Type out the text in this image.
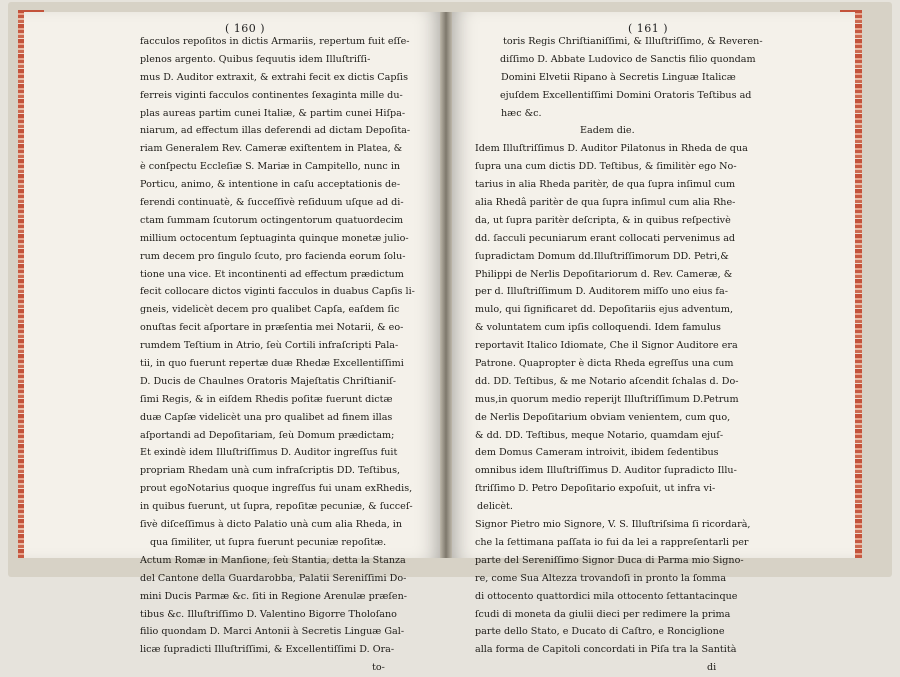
( 160 )	( 161 )
facculos repoſitos in dictis Armariis, repertum fuit eſſe-
plenos argento. Quibus ſequutis idem Illuſtriſſi-
mus D. Auditor extraxit, & extrahi fecit ex dictis Capſis
ferreis viginti facculos continentes ſexaginta mille du-
plas aureas partim cunei Italiæ, & partim cunei Hiſpa-
niarum, ad effectum illas deferendi ad dictam Depoſita-
riam Generalem Rev. Cameræ exiſtentem in Platea, &
è conſpectu Eccleſiæ S. Mariæ in Campitello, nunc in
Porticu, animo, & intentione in caſu acceptationis de-
ferendi continuatè, & ſucceſſivè reſiduum uſque ad di-
ctam ſummam ſcutorum octingentorum quatuordecim
millium octocentum ſeptuaginta quinque monetæ julio-
rum decem pro ſingulo ſcuto, pro facienda eorum ſolu-
tione una vice. Et incontinenti ad effectum prædictum
fecit collocare dictos viginti facculos in duabus Capſis li-
gneis, videlicèt decem pro qualibet Capſa, eaſdem ſic
onuſtas fecit aſportare in præſentia mei Notarii, & eo-
rumdem Teſtium in Atrio, ſeù Cortili infraſcripti Pala-
tii, in quo fuerunt repertæ duæ Rhedæ Excellentiſſimi
D. Ducis de Chaulnes Oratoris Majeſtatis Chriſtianiſ-
ſimi Regis, & in eiſdem Rhedis poſitæ fuerunt dictæ
duæ Capſæ videlicèt una pro qualibet ad finem illas
aſportandi ad Depoſitariam, ſeù Domum prædictam;
Et exindè idem Illuſtriſſimus D. Auditor ingreſſus fuit
propriam Rhedam unà cum infraſcriptis DD. Teſtibus,
prout egoNotarius quoque ingreſſus fui unam exRhedis,
in quibus fuerunt, ut ſupra, repoſitæ pecuniæ, & ſucceſ-
ſivè diſceſſimus à dicto Palatio unà cum alia Rheda, in
qua ſimiliter, ut ſupra fuerunt pecuniæ repoſitæ.
Actum Romæ in Manſione, ſeù Stantia, detta la Stanza
del Cantone della Guardarobba, Palatii Sereniſſimi Do-
mini Ducis Parmæ &c. ſiti in Regione Arenulæ præſen-
tibus &c. Illuſtriſſimo D. Valentino Bigorre Tholoſano
filio quondam D. Marci Antonii à Secretis Linguæ Gal-
licæ ſupradicti Illuſtriſſimi, & Excellentiſſimi D. Ora-
to-
toris Regis Chriſtianiſſimi, & Illuſtriſſimo, & Reveren-
diſſimo D. Abbate Ludovico de Sanctis filio quondam
Domini Elvetii Ripano à Secretis Linguæ Italicæ
ejuſdem Excellentiſſimi Domini Oratoris Teſtibus ad
hæc &c.
Eadem die.
Idem Illuſtriſſimus D. Auditor Pilatonus in Rheda de qua
ſupra una cum dictis DD. Teſtibus, & ſimilitèr ego No-
tarius in alia Rheda paritèr, de qua ſupra inſimul cum
alia Rhedâ paritèr de qua ſupra inſimul cum alia Rhe-
da, ut ſupra paritèr deſcripta, & in quibus reſpectivè
dd. ſacculi pecuniarum erant collocati pervenimus ad
ſupradictam Domum dd.Illuſtriſſimorum DD. Petri,&
Philippi de Nerlis Depoſitariorum d. Rev. Cameræ, &
per d. Illuſtriſſimum D. Auditorem miſſo uno eius fa-
mulo, qui ſignificaret dd. Depoſitariis ejus adventum,
& voluntatem cum ipſis colloquendi. Idem famulus
reportavit Italico Idiomate, Che il Signor Auditore era
Patrone. Quapropter è dicta Rheda egreſſus una cum
dd. DD. Teſtibus, & me Notario aſcendit ſchalas d. Do-
mus,in quorum medio reperijt Illuſtriſſimum D.Petrum
de Nerlis Depoſitarium obviam venientem, cum quo,
& dd. DD. Teſtibus, meque Notario, quamdam ejuſ-
dem Domus Cameram introivit, ibidem ſedentibus
omnibus idem Illuſtriſſimus D. Auditor ſupradicto Illu-
ſtriſſimo D. Petro Depoſitario expoſuit, ut infra vi-
delicèt.
Signor Pietro mio Signore, V. S. Illuſtriſsima ſi ricordarà,
che la ſettimana paſſata io fui da lei a rappreſentarli per
parte del Sereniſſimo Signor Duca di Parma mio Signo-
re, come Sua Altezza trovandoſi in pronto la ſomma
di ottocento quattordici mila ottocento ſettantacinque
ſcudi di moneta da giulii dieci per redimere la prima
parte dello Stato, e Ducato di Caſtro, e Ronciglione
alla forma de Capitoli concordati in Piſa tra la Santità
di
